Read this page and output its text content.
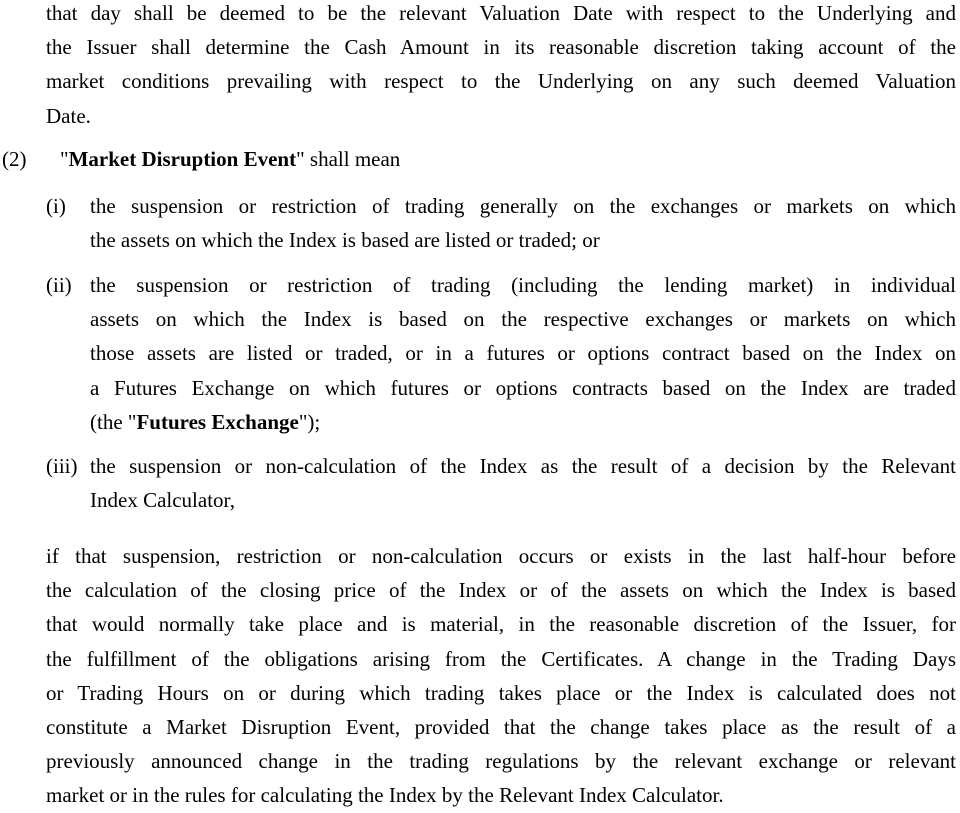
that day shall be deemed to be the relevant Valuation Date with respect to the Underlying and

the Issuer shall determine the Cash Amount in its reasonable discretion taking account of the

market conditions prevailing with respect to the Underlying on any such deemed Valuation

Date.

(2) "Market Disruption Event" shall mean
(i) the suspension or restriction of trading generally on the exchanges or markets on which

the assets on which the Index is based are listed or traded; or

(ii) the suspension or restriction of trading (including the lending market) in individual

assets on which the Index is based on the respective exchanges or markets on which

those assets are listed or traded, or in a futures or options contract based on the Index on

a Futures Exchange on which futures or options contracts based on the Index are traded

(the "Futures Exchange");

(iii) the suspension or non-calculation of the Index as the result of a decision by the Relevant

Index Calculator,

if that suspension, restriction or non-calculation occurs or exists in the last half-hour before

the calculation of the closing price of the Index or of the assets on which the Index is based

that would normally take place and is material, in the reasonable discretion of the Issuer, for

the fulfillment of the obligations arising from the Certificates. A change in the Trading Days

or Trading Hours on or during which trading takes place or the Index is calculated does not

constitute a Market Disruption Event, provided that the change takes place as the result of a

previously announced change in the trading regulations by the relevant exchange or relevant

market or in the rules for calculating the Index by the Relevant Index Calculator.
